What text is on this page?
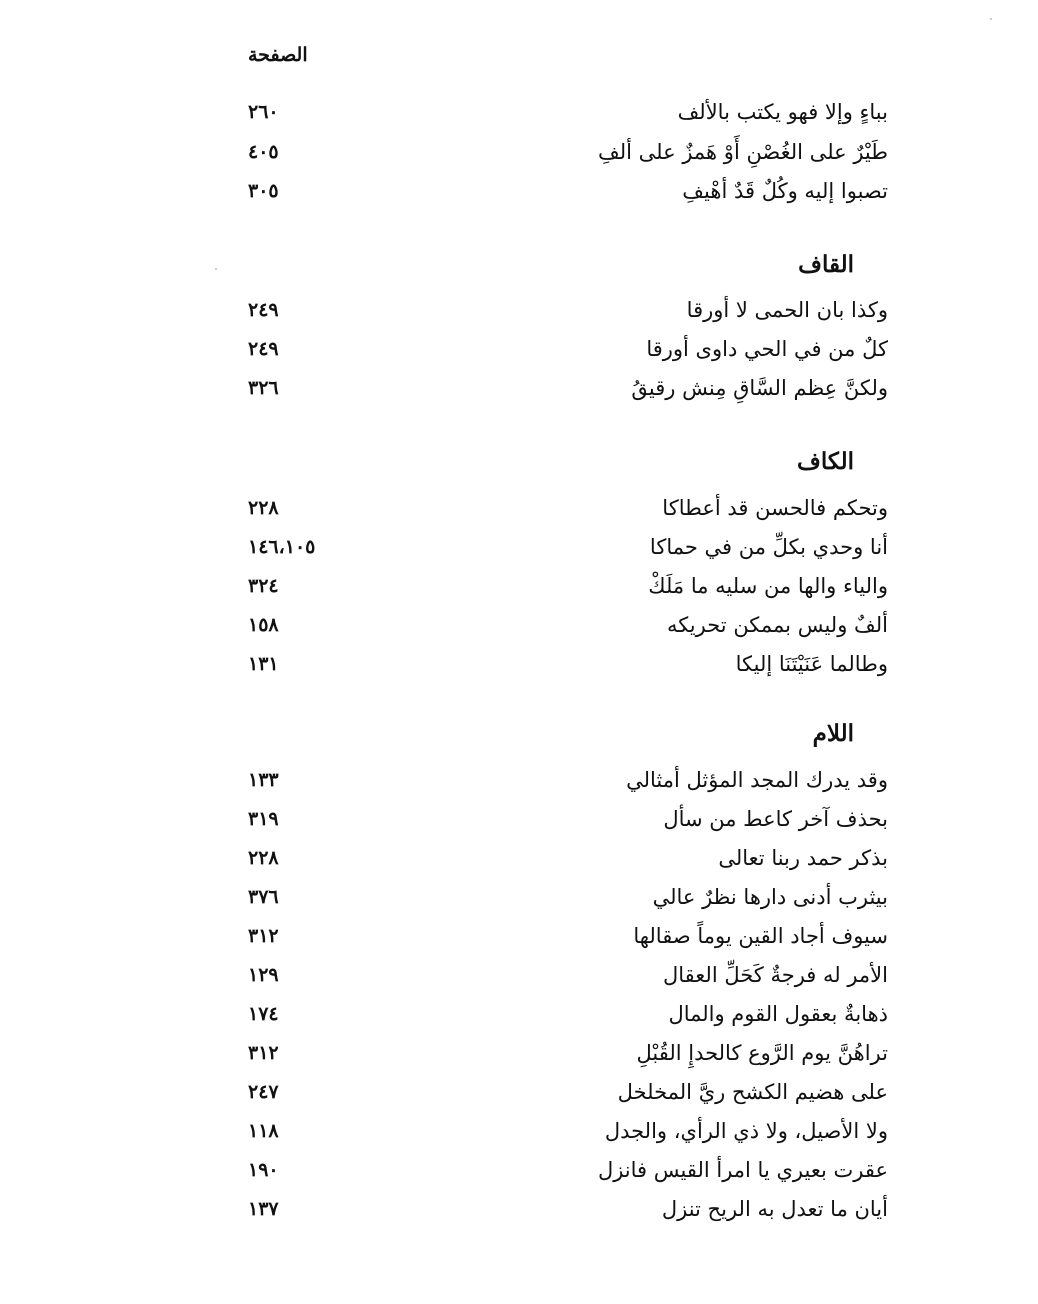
الصفحة
بباءٍ وإلا فهو يكتب بالألف
٢٦٠
طَيْرٌ على الغُصْنِ أَوْ هَمزٌ على ألفِ
٤٠٥
تصبوا إليه وكُلٌ قَدٌ أهْيفِ
٣٠٥
القاف
وكذا بان الحمى لا أورقا
٢٤٩
كلٌ من في الحي داوى أورقا
٢٤٩
ولكنَّ عِظم السَّاقِ مِنش رقيقُ
٣٢٦
الكاف
وتحكم فالحسن قد أعطاكا
٢٢٨
أنا وحدي بكلِّ من في حماكا
١٤٦،١٠٥
والياء والها من سليه ما مَلَكْ
٣٢٤
ألفٌ وليس بممكن تحريكه
١٥٨
وطالما عَنَيْتَنَا إليكا
١٣١
اللام
وقد يدرك المجد المؤثل أمثالي
١٣٣
بحذف آخر كاعط من سأل
٣١٩
بذكر حمد ربنا تعالى
٢٢٨
بيثرب أدنى دارها نظرٌ عالي
٣٧٦
سيوف أجاد القين يوماً صقالها
٣١٢
الأمر له فرجةٌ كَحَلِّ العقال
١٢٩
ذهابةٌ بعقول القوم والمال
١٧٤
تراهُنَّ يوم الرَّوع كالحدإِ القُبْلِ
٣١٢
على هضيم الكشح ريَّ المخلخل
٢٤٧
ولا الأصيل، ولا ذي الرأي، والجدل
١١٨
عقرت بعيري يا امرأ القيس فانزل
١٩٠
أيان ما تعدل به الريح تنزل
١٣٧
